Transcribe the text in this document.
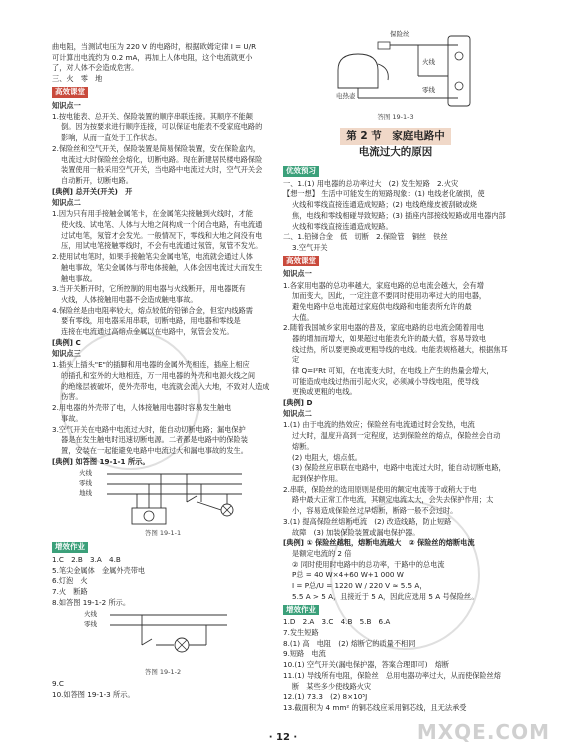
曲电阻，当测试电压为 220 V 的电路时，根据欧姆定律 I = U/R
可计算出电流约为 0.2 mA，再加上人体电阻，这个电流就更小
了，对人体不会造成危害。
三、火　零　地
高效课堂
知识点一
1.按电能表、总开关、保险装置的顺序串联连接。其顺序不能颠
倒。因为按要求进行顺序连接，可以保证电能表不受家庭电路的
影响，从而一直处于工作状态。
2.保险丝和空气开关，保险装置是简易保险装置，安在保险盒内，
电流过大时保险丝会熔化，切断电路。现在新建居民楼电路保险
装置使用一般采用空气开关，当电路中电流过大时，空气开关会
自动断开，切断电路。
[典例] 总开关(开关)　开
知识点二
1.因为只有用手接触金属笔卡，在金属笔尖接触到火线时，才能
使火线、试电笔、人体与大地之间构成一个闭合电路，有电流通
过试电笔，氖管才会发光。一般情况下，零线和大地之间没有电
压，用试电笔接触零线时，不会有电流通过氖管，氖管不发光。
2.使用试电笔时，如果手接触笔尖金属电笔，电流就会通过人体
触电事故，笔尖金属体与带电体接触，人体会因电流过大而发生
触电事故。
3.当开关断开时，它所控制的用电器与火线断开，用电器既有
火线，人体接触用电器不会造成触电事故。
4.保险丝是由电阻率较大，熔点较低的铅锑合金，但室内线路需
要有零线，用电器采用串联，切断电路，用电器和零线是
连接在电流通过高熔点金属以在电路中，氖管会发光。
[典例] C
知识点三
1.插头上插头"E"的插脚和用电器的金属外壳相连，插座上相应
的插孔和室外的大地相连，万一用电器的外壳和电源火线之间
的绝缘层被破坏，使外壳带电，电流就会流入大地，不致对人造成
伤害。
2.用电器的外壳带了电，人体接触用电器时容易发生触电
事故。
3.空气开关在电路中电流过大时，能自动切断电路；漏电保护
器是在发生触电时迅速切断电源。二者都是电路中的保险装
置，安装在一起能避免电路中电流过大和漏电事故的发生。
[典例] 如答图 19-1-1 所示。
火线
零线
地线
答图 19-1-1
增效作业
1.C　2.B　3.A　4.B
5.笔尖金属体　金属外壳带电
6.灯泡　火
7.火　断路
8.如答图 19-1-2 所示。
火线
零线
答图 19-1-2
9.C
10.如答图 19-1-3 所示。
保险丝
火线
零线
电热壶
答图 19-1-3
第 2 节　家庭电路中
电流过大的原因
优效预习
一、1.(1) 用电器的总功率过大　(2) 发生短路　2.火灾
【想一想】 生活中可能发生的短路现象：(1) 电线老化破损，使
火线和零线直接连通造成短路；(2) 电线绝缘皮被刮破或烧
焦，电线和零线相碰导致短路；(3) 插座内部接线短路或用电器内部
火线和零线直接连通造成短路。
二、1.铅锑合金　低　切断　2.保险管　铜丝　铁丝
3.空气开关
高效课堂
知识点一
1.各家用电器的总功率越大，家庭电路的总电流会越大，会有增
加而变大，因此，一定注意不要同时使用功率过大的用电器，
避免电路中总电流超过家庭供电线路和电能表所允许的最
大值。
2.随着我国城乡家用电器的普及，家庭电路的总电流会随着用电
器的增加而增大，如果超过电能表允许的最大值，容易导致电
线过热，所以要更换或更粗导线的电线。电能表规格越大，根据焦耳定
律 Q=I²Rt 可知，在电流变大时，在电线上产生的热量会增大，
可能造成电线过热而引起火灾，必须减小导线电阻，使导线
更换或更粗的电线。
[典例] D
知识点二
1.(1) 由于电流的热效应；保险丝有电流通过时会发热，电流
过大时，温度升高到一定程度，达到保险丝的熔点，保险丝会自动
熔断。
(2) 电阻大，熔点低。
(3) 保险丝应串联在电路中，电路中电流过大时，能自动切断电路，
起到保护作用。
2.串联，保险丝的选用原则是使用的额定电流等于或稍大于电
路中最大正常工作电流，其额定电流太大，会失去保护作用；太
小，容易造成保险丝过早熔断，断路一般不会过时。
3.(1) 提高保险丝熔断电流　(2) 改造线路，防止短路
故障　(3) 加装保险装置或漏电保护器。
[典例] ① 保险丝越粗，熔断电流越大　② 保险丝的熔断电流
是额定电流的 2 倍
② 同时使用时电路中的总功率，干路中的总电流
P总 = 40 W×4+60 W+1 000 W
I = P总/U = 1220 W / 220 V ≈ 5.5 A，
5.5 A > 5 A，且接近于 5 A，因此应选用 5 A 号保险丝。
增效作业
1.D　2.A　3.C　4.B　5.B　6.A
7.发生短路
8.(1) 高　电阻　(2) 熔断它的质量不相同
9.短路　电流
10.(1) 空气开关(漏电保护器，答案合理即可)　熔断
11.(1) 导线所有电阻，保险丝　总用电器功率过大，从而使保险丝熔
断　某些多少使线路火灾
12.(1) 73.3　(2) 8×10⁵J
13.截面积为 4 mm² 的铜芯线应采用铜芯线，且无法承受
· 12 ·	MXQE.COM
